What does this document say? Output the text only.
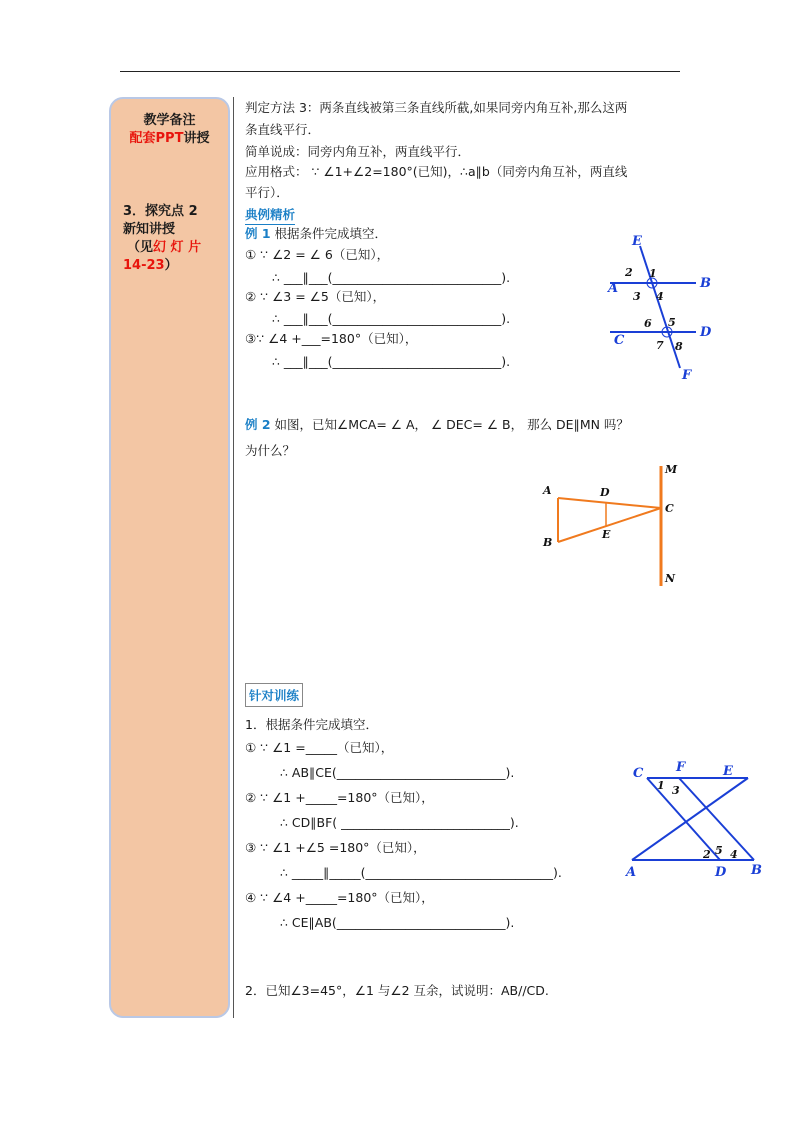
教学备注
配套PPT讲授
3．探究点 2
新知讲授
（见幻 灯 片
14-23）
判定方法 3：两条直线被第三条直线所截,如果同旁内角互补,那么这两
条直线平行．
简单说成：同旁内角互补，两直线平行．
应用格式： ∵ ∠1+∠2=180°(已知)，∴a∥b（同旁内角互补，两直线
平行）．
典例精析
例 1 根据条件完成填空．
① ∵ ∠2 = ∠ 6（已知），
∴ ___∥___(___________________________).
② ∵ ∠3 = ∠5（已知），
∴ ___∥___(___________________________).
③∵ ∠4 +___=180°（已知），
∴ ___∥___(___________________________).
E
A	B
C
D
F
1
2
3 4
5
6
7 8
例 2 如图，已知∠MCA= ∠ A， ∠ DEC= ∠ B， 那么 DE∥MN 吗？
为什么？
M
A	D
C
E
B
N
针对训练
1．根据条件完成填空．
① ∵ ∠1 =_____（已知），
∴ AB∥CE(___________________________).
② ∵ ∠1 +_____=180°（已知），
∴ CD∥BF( ___________________________).
③ ∵ ∠1 +∠5 =180°（已知），
∴ _____∥_____(______________________________).
④ ∵ ∠4 +_____=180°（已知），
∴ CE∥AB(___________________________).
C	F	E
1 3
2 5 4
A	D B
2．已知∠3=45°，∠1 与∠2 互余，试说明：AB//CD.
